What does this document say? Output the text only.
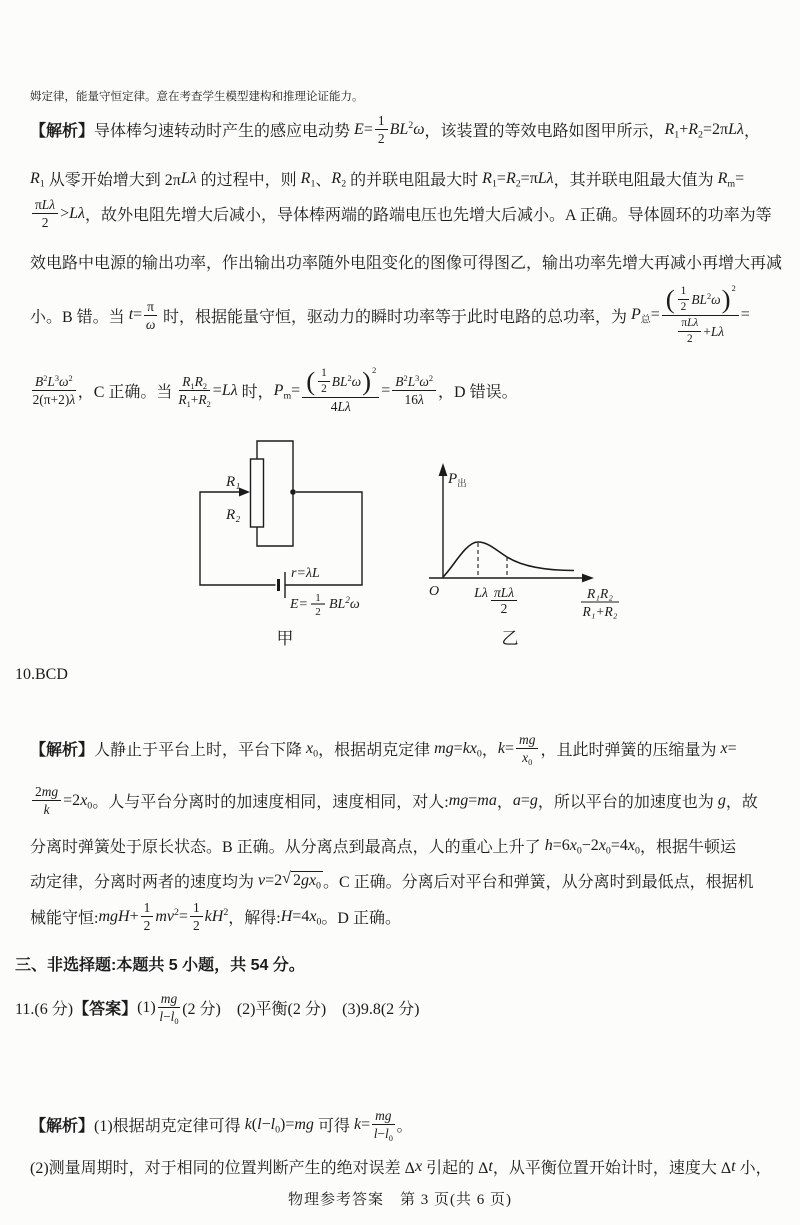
姆定律，能量守恒定律。意在考查学生模型建构和推理论证能力。
【解析】 导体棒匀速转动时产生的感应电动势 $E = \frac{1}{2} BL^2$ ω ，该装置的等效电路如图甲所示， $R_1 + R_2 =2\pi$ Lλ ，
$R_1$ 从零开始增大到 2π Lλ 的过程中，则 $R_1$ 、 $R_2$ 的并联电阻最大时 $R_1 = R_2 =\pi$ Lλ ，其并联电阻最大值为 $R_m$ =
$\frac{\text{π Lλ}}{2} > L\lambda$ ，故外电阻先增大后减小，导体棒两端的路端电压也先增大后减小。A 正确。导体圆环的功率为等
效电路中电源的输出功率，作出输出功率随外电阻变化的图像可得图乙，输出功率先增大再减小再增大再减
小。B 错。当 $t = \frac{\pi}{\omega}$ 时，根据能量守恒，驱动力的瞬时功率等于此时电路的总功率，为 $P_总 = \frac{( \frac{1}{2} BL^2 \omega )^2}{\frac{\text{π Lλ}}{2} + L\lambda}$ =
$\frac{B^2 L^3 \omega^2}{2(\pi+2) \lambda}$ ，C 正确。当 $\frac{R_1 R_2}{R_1 + R_2} = L\lambda$ 时， $P_m = \frac{( \frac{1}{2} BL^2 \omega )^2}{4 L\lambda} = \frac{B^2 L^3 \omega^2}{16 \lambda}$ ，D 错误。
R₁
R₂
r=λL
E= 1
2 $BL^2\omega$
甲
$P_出$
O	Lλ πLλ
2
R₁R₂
R₁+R₂
乙
10.BCD
【解析】 人静止于平台上时，平台下降 $x_0$ ，根据胡克定律 mg = $kx_0$ ， $k = \frac{mg}{x_0}$ ，且此时弹簧的压缩量为 x =
$\frac{2 mg}{k} =2$ $x_0$ 。人与平台分离时的加速度相同，速度相同，对人: mg = ma ， a = g ，所以平台的加速度也为 g ，故
分离时弹簧处于原长状态。B 正确。从分离点到最高点，人的重心上升了 h =6 $x_0 -2$ $x_0 =4$ $x_0$ ，根据牛顿运
动定律，分离时两者的速度均为 v =2 √ $2gx_0$ 。C 正确。分离后对平台和弹簧，从分离时到最低点，根据机
械能守恒: mgH + $\frac{1}{2} mv^2 = \frac{1}{2} kH^2$ ，解得: H =4 $x_0$ 。D 正确。
三、非选择题:本题共 5 小题，共 54 分。
11.(6 分) 【答案】 $(1) \frac{mg}{l - l_0} (2$ 分)　(2)平衡(2 分)　(3)9.8(2 分)
【解析】 (1)根据胡克定律可得 k ( $l - l_0$ )= mg 可得 $k = \frac{mg}{l - l_0}$ 。
(2)测量周期时，对于相同的位置判断产生的绝对误差 Δ x 引起的 Δ t ，从平衡位置开始计时，速度大 Δ t 小，
物理参考答案　第 3 页(共 6 页)
